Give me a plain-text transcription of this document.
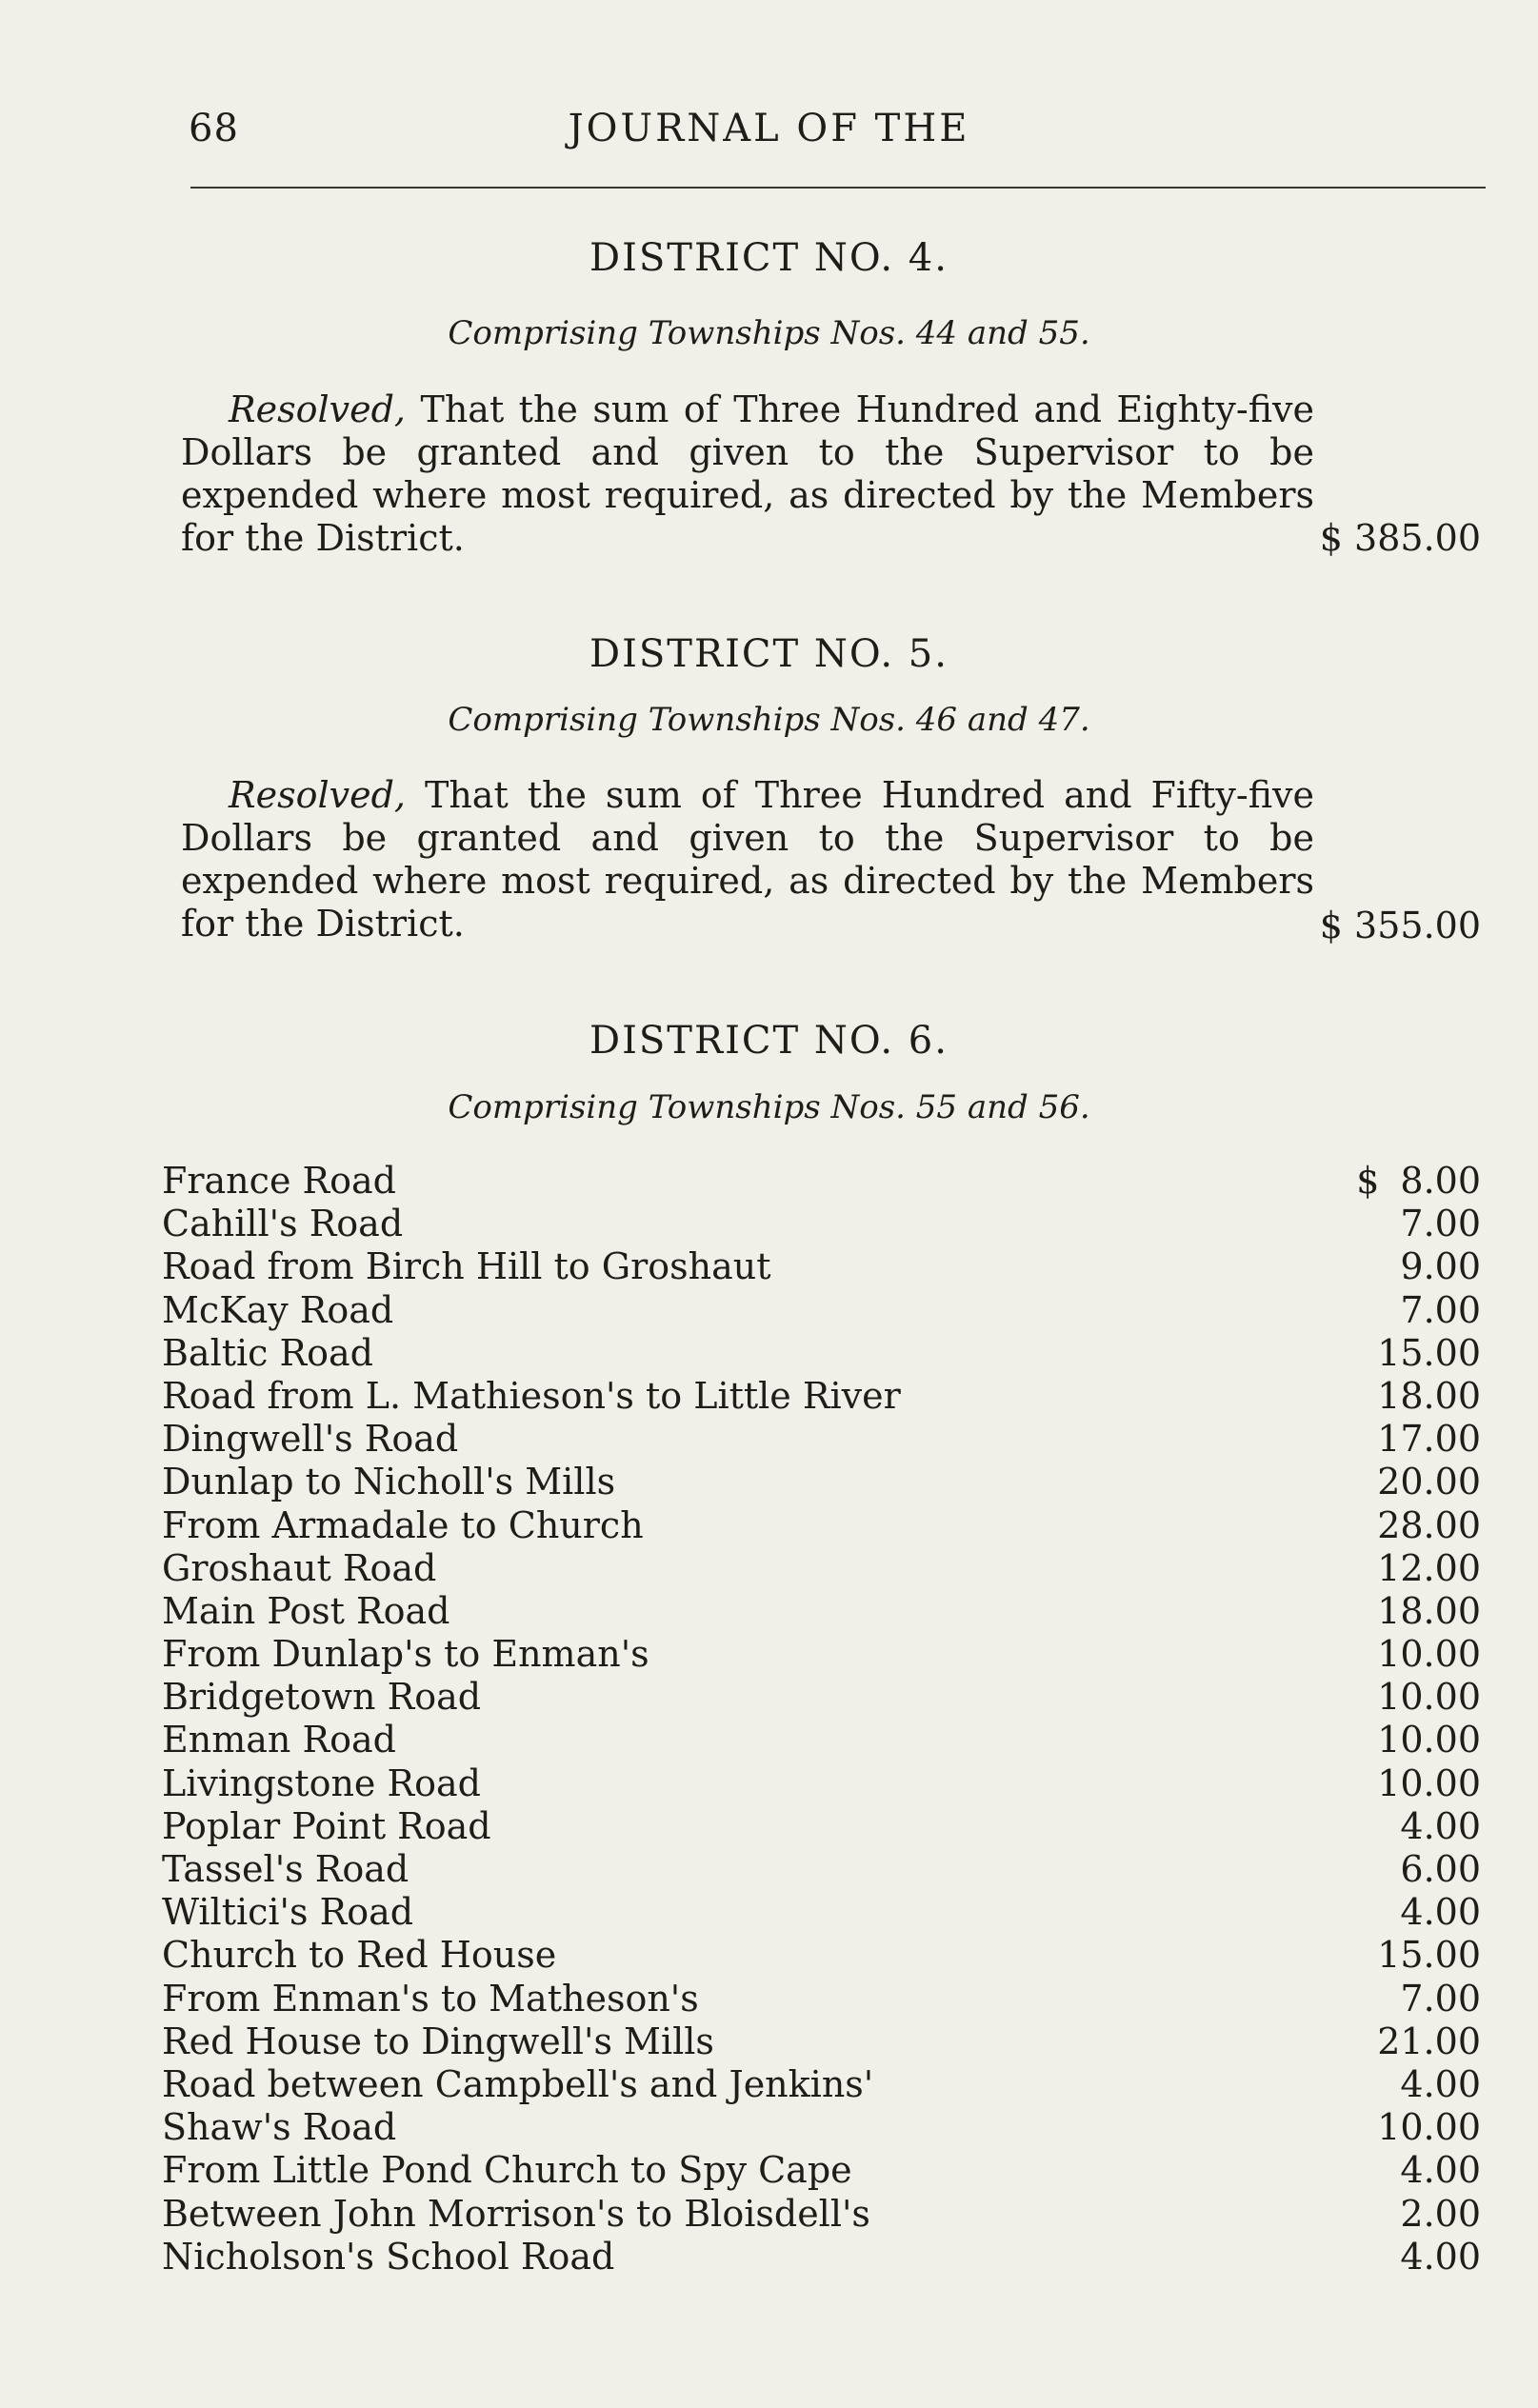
68	JOURNAL OF THE
DISTRICT NO. 4.
Comprising Townships Nos. 44 and 55.
Resolved, That the sum of Three Hundred and Eighty-five Dollars be granted and given to the Supervisor to be expended where most required, as directed by the Members for the District.	$ 385.00
DISTRICT NO. 5.
Comprising Townships Nos. 46 and 47.
Resolved, That the sum of Three Hundred and Fifty-five Dollars be granted and given to the Supervisor to be expended where most required, as directed by the Members for the District.	$ 355.00
DISTRICT NO. 6.
Comprising Townships Nos. 55 and 56.
France Road	$ 8.00
Cahill's Road	7.00
Road from Birch Hill to Groshaut	9.00
McKay Road	7.00
Baltic Road	15.00
Road from L. Mathieson's to Little River	18.00
Dingwell's Road	17.00
Dunlap to Nicholl's Mills	20.00
From Armadale to Church	28.00
Groshaut Road	12.00
Main Post Road	18.00
From Dunlap's to Enman's	10.00
Bridgetown Road	10.00
Enman Road	10.00
Livingstone Road	10.00
Poplar Point Road	4.00
Tassel's Road	6.00
Wiltici's Road	4.00
Church to Red House	15.00
From Enman's to Matheson's	7.00
Red House to Dingwell's Mills	21.00
Road between Campbell's and Jenkins'	4.00
Shaw's Road	10.00
From Little Pond Church to Spy Cape	4.00
Between John Morrison's to Bloisdell's	2.00
Nicholson's School Road	4.00
